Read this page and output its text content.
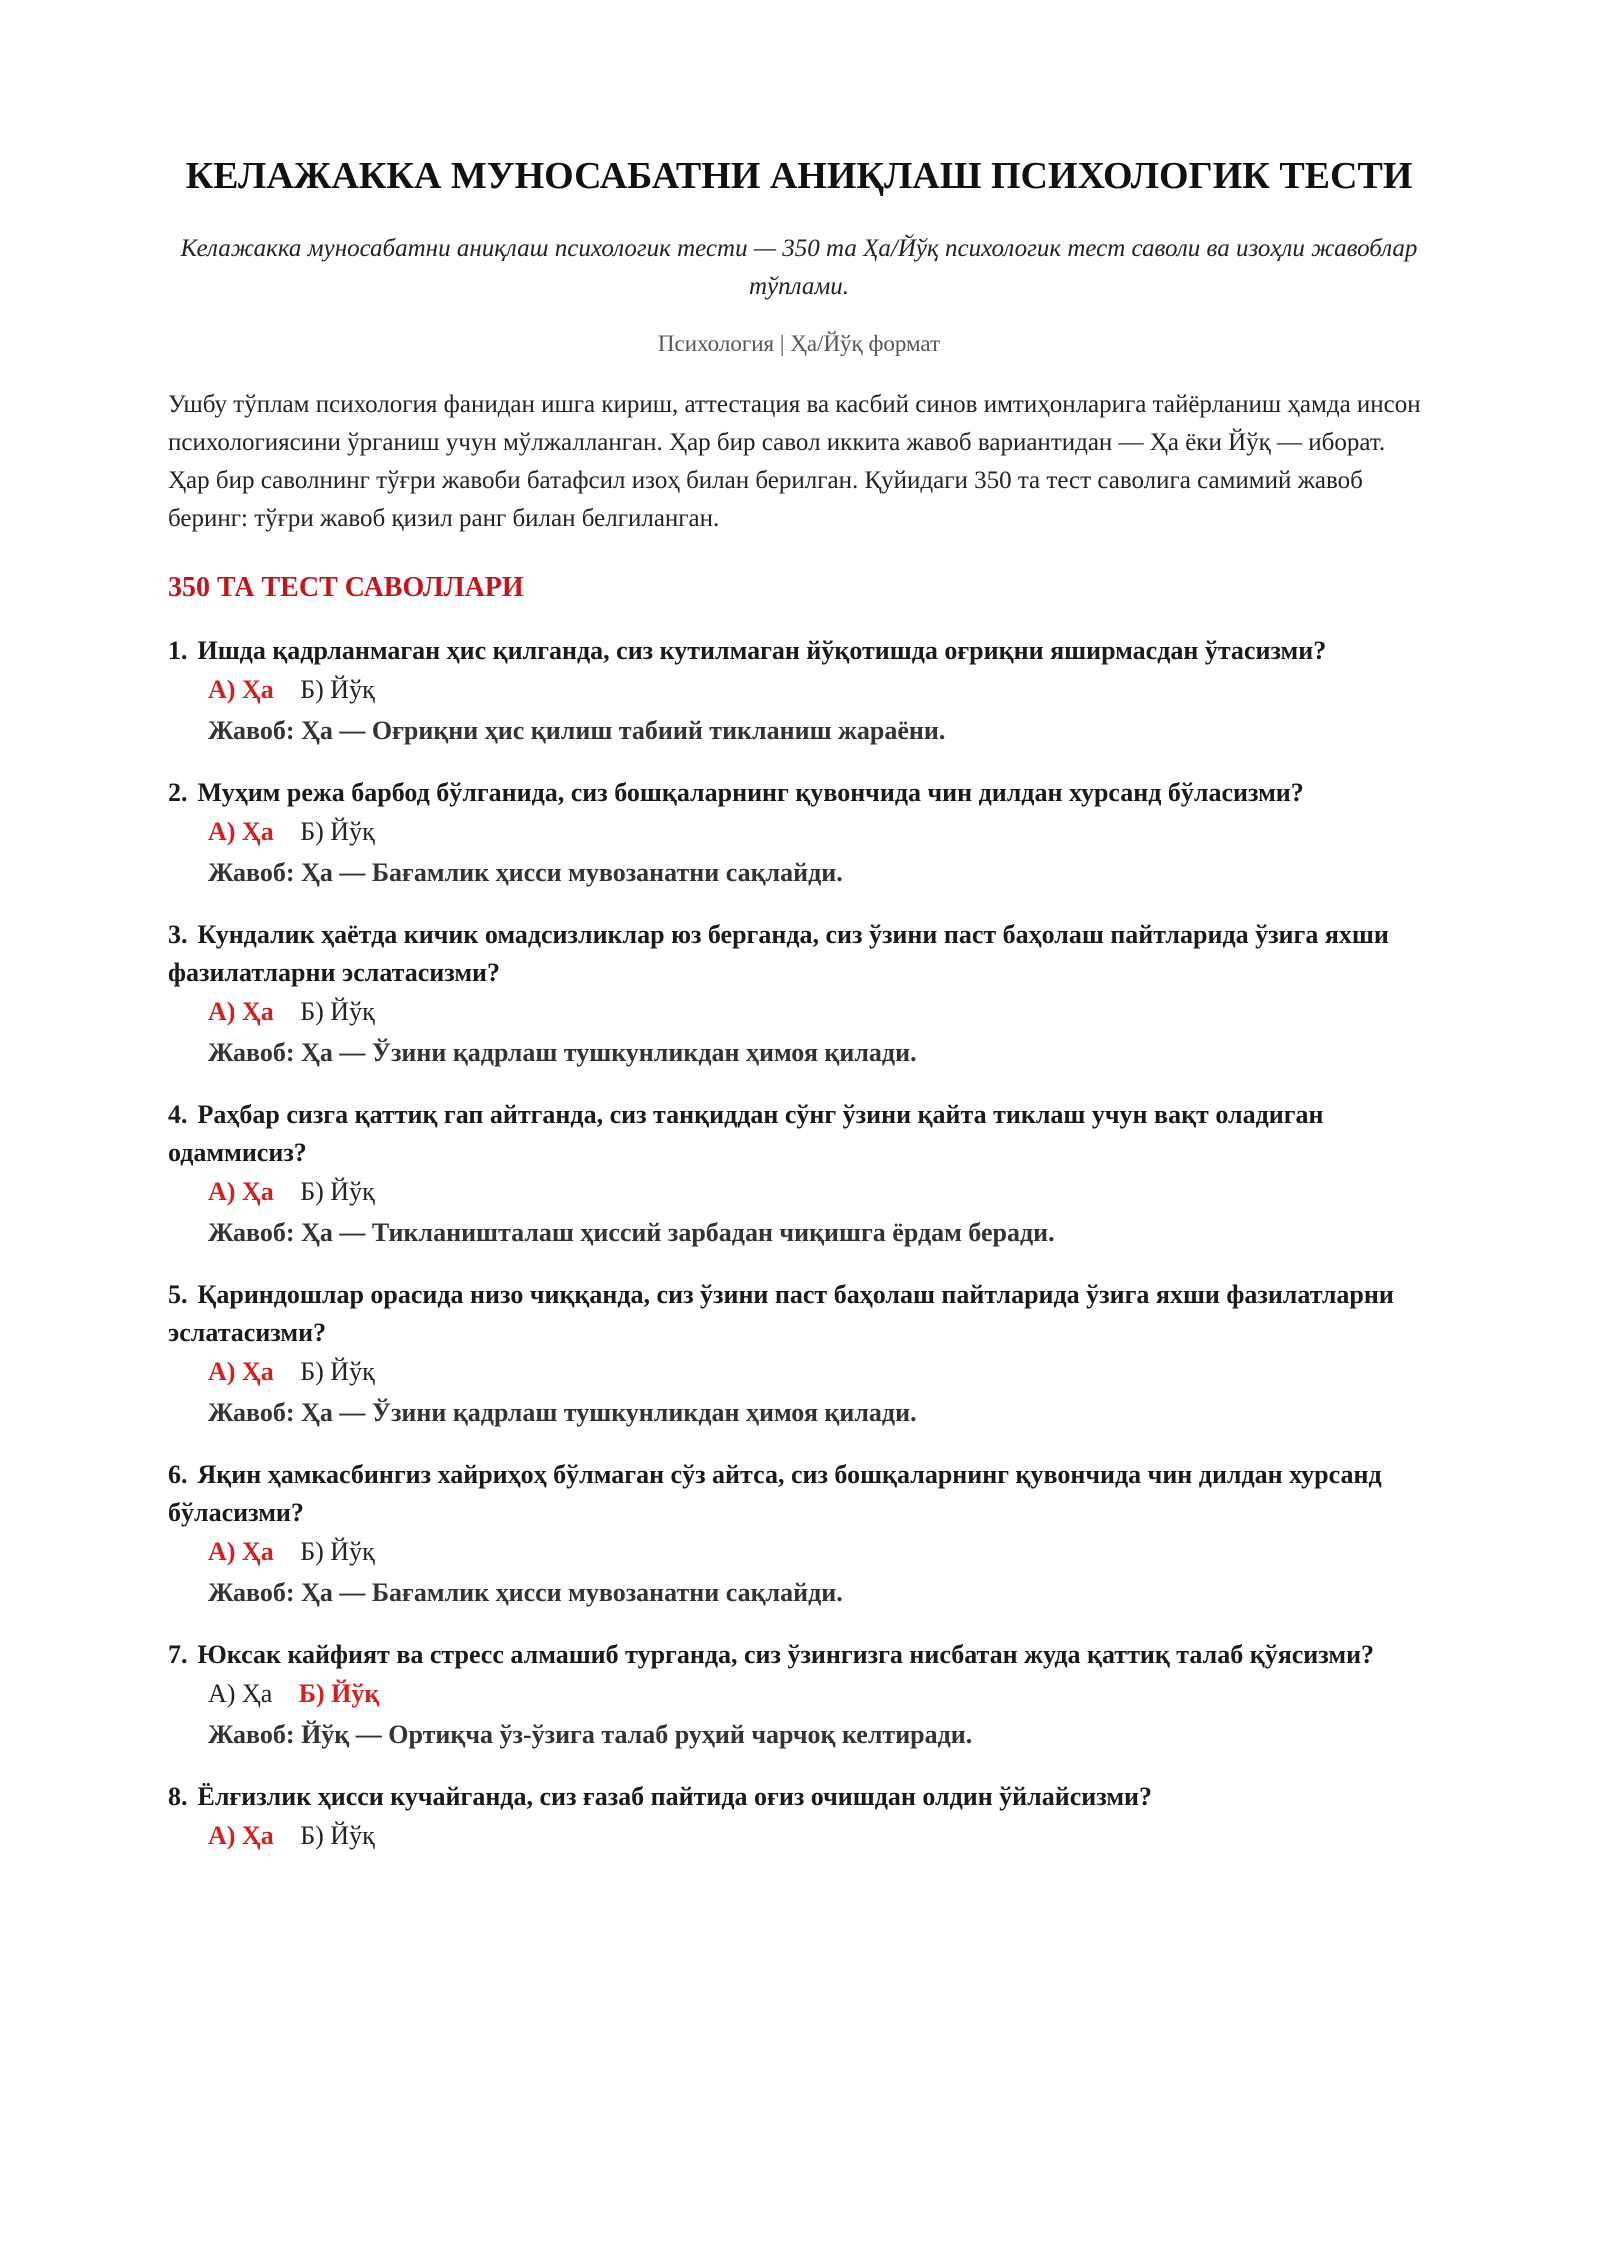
КЕЛАЖАККА МУНОСАБАТНИ АНИҚЛАШ ПСИХОЛОГИК ТЕСТИ

Келажакка муносабатни аниқлаш психологик тести — 350 та Ҳа/Йўқ психологик тест саволи ва изоҳли жавоблар тўплами.

Психология | Ҳа/Йўқ формат

Ушбу тўплам психология фанидан ишга кириш, аттестация ва касбий синов имтиҳонларига тайёрланиш ҳамда инсон психологиясини ўрганиш учун мўлжалланган. Ҳар бир савол иккита жавоб вариантидан — Ҳа ёки Йўқ — иборат. Ҳар бир саволнинг тўғри жавоби батафсил изоҳ билан берилган. Қуйидаги 350 та тест саволига самимий жавоб беринг: тўғри жавоб қизил ранг билан белгиланган.

350 ТА ТЕСТ САВОЛЛАРИ
1. Ишда қадрланмаган ҳис қилганда, сиз кутилмаган йўқотишда оғриқни яширмасдан ўтасизми?
А) Ҳа Б) Йўқ
Жавоб: Ҳа — Оғриқни ҳис қилиш табиий тикланиш жараёни.
2. Муҳим режа барбод бўлганида, сиз бошқаларнинг қувончида чин дилдан хурсанд бўласизми?
А) Ҳа Б) Йўқ
Жавоб: Ҳа — Бағамлик ҳисси мувозанатни сақлайди.
3. Кундалик ҳаётда кичик омадсизликлар юз берганда, сиз ўзини паст баҳолаш пайтларида ўзига яхши фазилатларни эслатасизми?
А) Ҳа Б) Йўқ
Жавоб: Ҳа — Ўзини қадрлаш тушкунликдан ҳимоя қилади.
4. Раҳбар сизга қаттиқ гап айтганда, сиз танқиддан сўнг ўзини қайта тиклаш учун вақт оладиган одаммисиз?
А) Ҳа Б) Йўқ
Жавоб: Ҳа — Тикланишталаш ҳиссий зарбадан чиқишга ёрдам беради.
5. Қариндошлар орасида низо чиққанда, сиз ўзини паст баҳолаш пайтларида ўзига яхши фазилатларни эслатасизми?
А) Ҳа Б) Йўқ
Жавоб: Ҳа — Ўзини қадрлаш тушкунликдан ҳимоя қилади.
6. Яқин ҳамкасбингиз хайриҳоҳ бўлмаган сўз айтса, сиз бошқаларнинг қувончида чин дилдан хурсанд бўласизми?
А) Ҳа Б) Йўқ
Жавоб: Ҳа — Бағамлик ҳисси мувозанатни сақлайди.
7. Юксак кайфият ва стресс алмашиб турганда, сиз ўзингизга нисбатан жуда қаттиқ талаб қўясизми?
А) Ҳа Б) Йўқ
Жавоб: Йўқ — Ортиқча ўз-ўзига талаб руҳий чарчоқ келтиради.
8. Ёлғизлик ҳисси кучайганда, сиз ғазаб пайтида оғиз очишдан олдин ўйлайсизми?
А) Ҳа Б) Йўқ
